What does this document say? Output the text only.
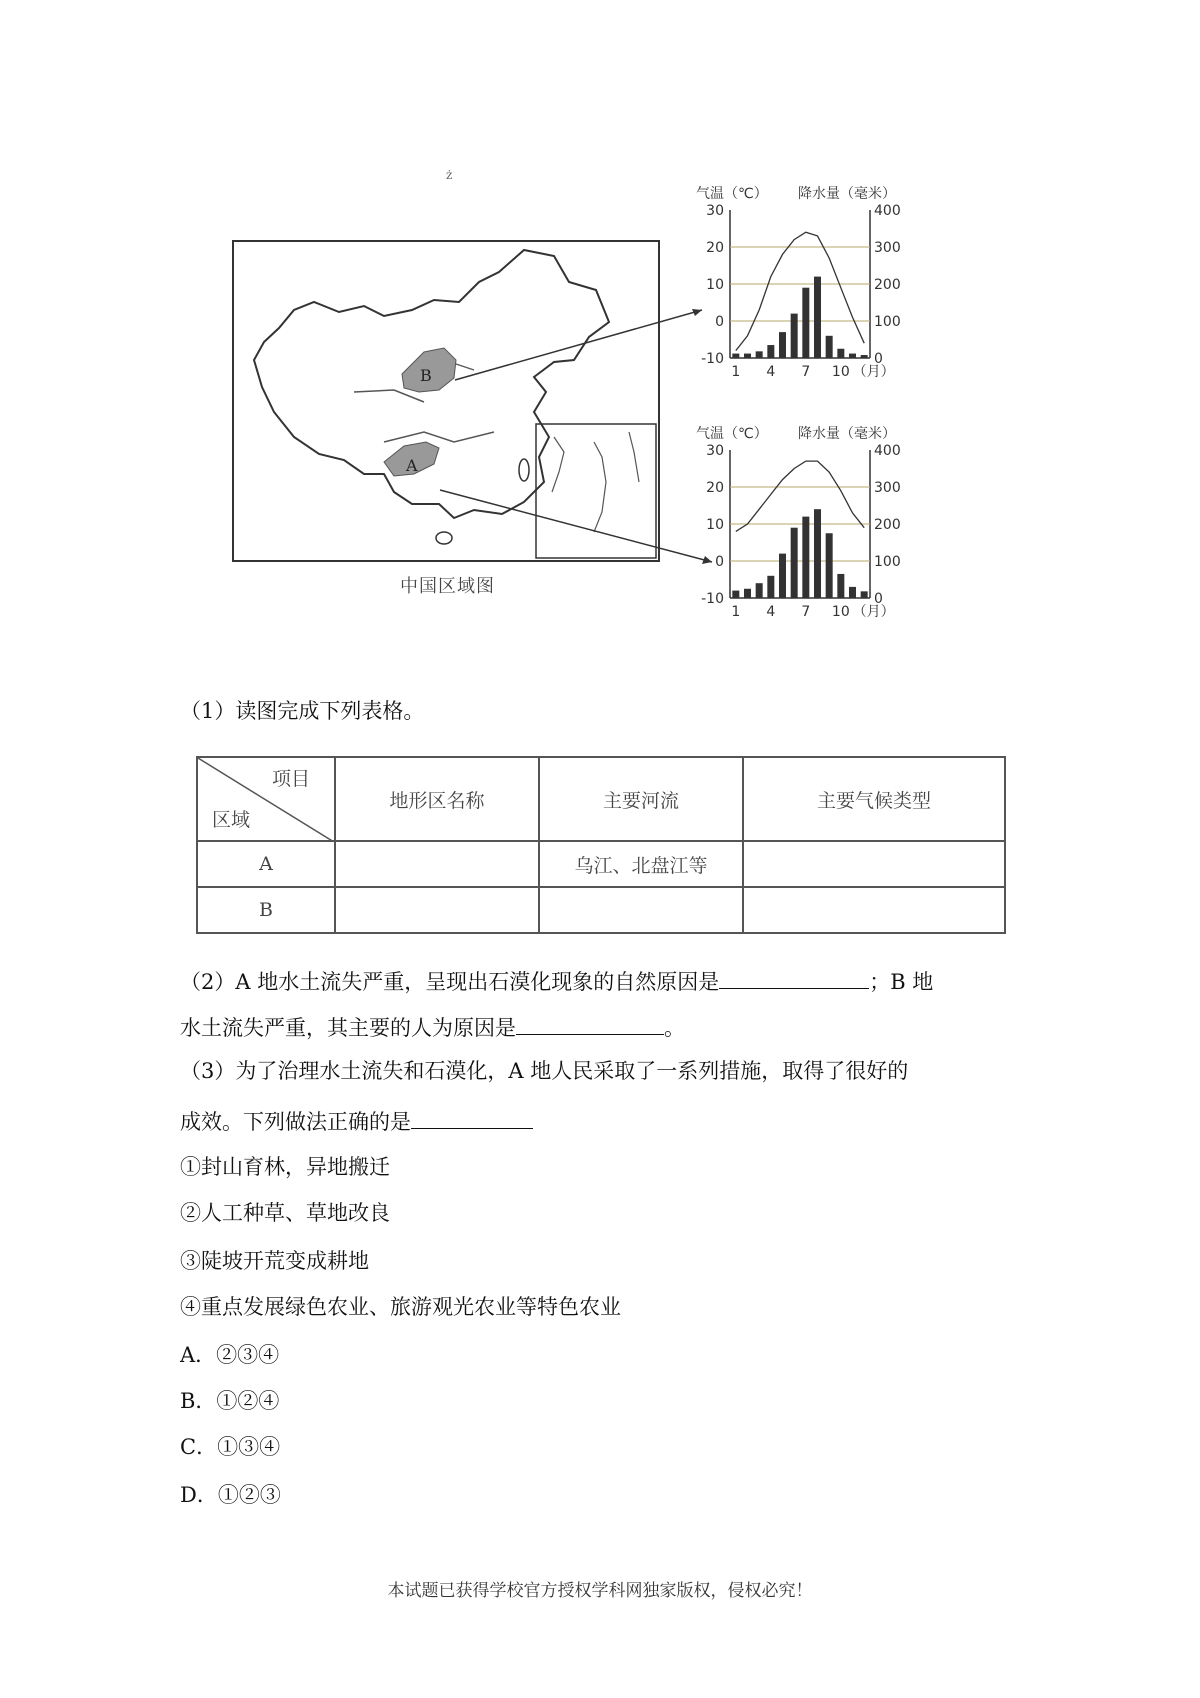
ż
B
A
中国区域图
气温（℃） 降水量（毫米）
30
20
10
0
-10
400
300
200
100
0
1 4 7 10 （月）
气温（℃） 降水量（毫米）
30
20
10
0
-10
400
300
200
100
0
1 4 7 10 （月）
（1）读图完成下列表格。
项目
区域	地形区名称	主要河流	主要气候类型
A		乌江、北盘江等	
B			
（2）A 地水土流失严重，呈现出石漠化现象的自然原因是	；B 地
水土流失严重，其主要的人为原因是	。
（3）为了治理水土流失和石漠化，A 地人民采取了一系列措施，取得了很好的
成效。下列做法正确的是
①封山育林，异地搬迁
②人工种草、草地改良
③陡坡开荒变成耕地
④重点发展绿色农业、旅游观光农业等特色农业
A．②③④
B．①②④
C．①③④
D．①②③
本试题已获得学校官方授权学科网独家版权，侵权必究！
